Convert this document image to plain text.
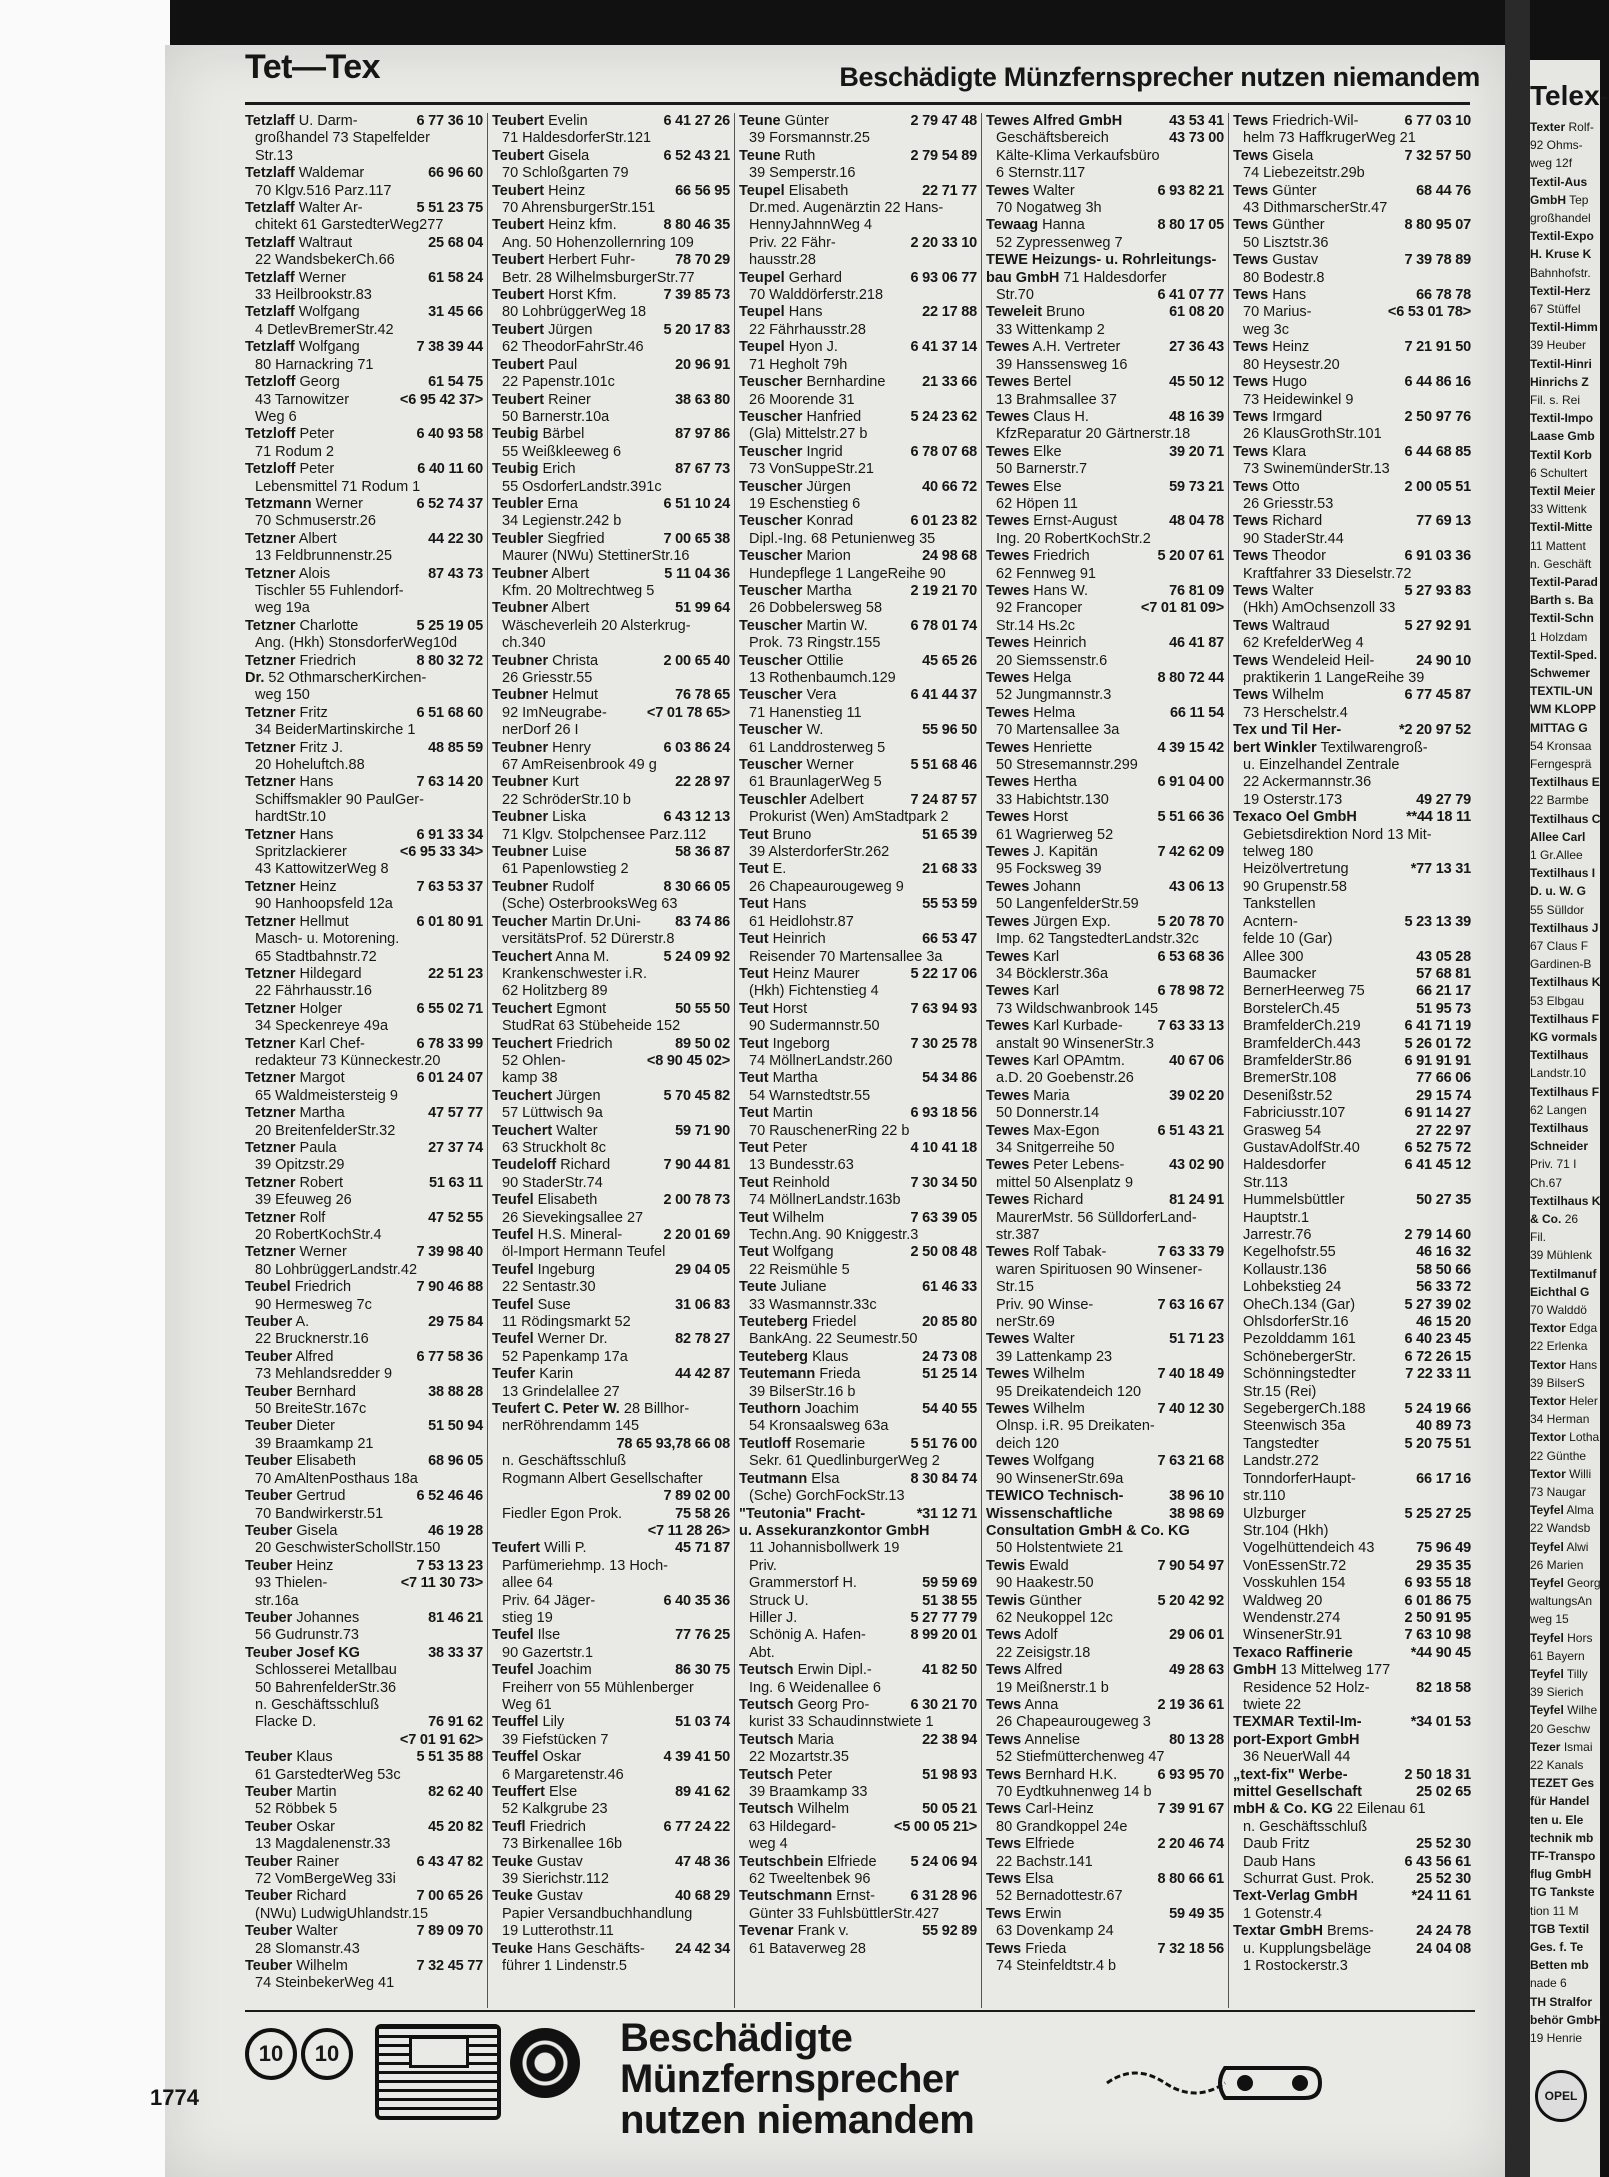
Telex-
Texter Rolf-
92 Ohms-
weg 12f
Textil-Aus
GmbH Tep
großhandel
Textil-Expo
H. Kruse K
Bahnhofstr.
Textil-Herz
67 Stüffel
Textil-Himm
39 Heuber
Textil-Hinri
Hinrichs Z
Fil. s. Rei
Textil-Impo
Laase Gmb
Textil Korb
6 Schultert
Textil Meier
33 Wittenk
Textil-Mitte
11 Mattent
n. Geschäft
Textil-Parad
Barth s. Ba
Textil-Schn
1 Holzdam
Textil-Sped.
Schwemer
TEXTIL-UN
WM KLOPP
MITTAG G
54 Kronsaa
Ferngesprä
Textilhaus E
22 Barmbe
Textilhaus C
Allee Carl
1 Gr.Allee
Textilhaus I
D. u. W. G
55 Sülldor
Textilhaus J
67 Claus F
Gardinen-B
Textilhaus K
53 Elbgau
Textilhaus F
KG vormals
Textilhaus
Landstr.10
Textilhaus F
62 Langen
Textilhaus
Schneider
Priv. 71 I
Ch.67
Textilhaus K
& Co. 26
Fil.
39 Mühlenk
Textilmanuf
Eichthal G
70 Walddö
Textor Edga
22 Erlenka
Textor Hans
39 BilserS
Textor Heler
34 Herman
Textor Lotha
22 Günthe
Textor Willi
73 Naugar
Teyfel Alma
22 Wandsb
Teyfel Alwi
26 Marien
Teyfel Georg
waltungsAn
weg 15
Teyfel Hors
61 Bayern
Teyfel Tilly
39 Sierich
Teyfel Wilhe
20 Geschw
Tezer Ismai
22 Kanals
TEZET Ges
für Handel
ten u. Ele
technik mb
TF-Transpo
flug GmbH
TG Tankste
tion 11 M
TGB Textil
Ges. f. Te
Betten mb
nade 6
TH Stralfor
behör GmbH
19 Henrie
Tet—Tex	Beschädigte Münzfernsprecher nutzen niemandem
Tetzlaff U. Darm-	6 77 36 10
großhandel 73 Stapelfelder
Str.13
Tetzlaff Waldemar	66 96 60
70 Klgv.516 Parz.117
Tetzlaff Walter Ar-	5 51 23 75
chitekt 61 GarstedterWeg277
Tetzlaff Waltraut	25 68 04
22 WandsbekerCh.66
Tetzlaff Werner	61 58 24
33 Heilbrookstr.83
Tetzlaff Wolfgang	31 45 66
4 DetlevBremerStr.42
Tetzlaff Wolfgang	7 38 39 44
80 Harnackring 71
Tetzloff Georg	61 54 75
43 Tarnowitzer	<6 95 42 37>
Weg 6
Tetzloff Peter	6 40 93 58
71 Rodum 2
Tetzloff Peter	6 40 11 60
Lebensmittel 71 Rodum 1
Tetzmann Werner	6 52 74 37
70 Schmuserstr.26
Tetzner Albert	44 22 30
13 Feldbrunnenstr.25
Tetzner Alois	87 43 73
Tischler 55 Fuhlendorf-
weg 19a
Tetzner Charlotte	5 25 19 05
Ang. (Hkh) StonsdorferWeg10d
Tetzner Friedrich	8 80 32 72
Dr. 52 OthmarscherKirchen-
weg 150
Tetzner Fritz	6 51 68 60
34 BeiderMartinskirche 1
Tetzner Fritz J.	48 85 59
20 Hoheluftch.88
Tetzner Hans	7 63 14 20
Schiffsmakler 90 PaulGer-
hardtStr.10
Tetzner Hans	6 91 33 34
Spritzlackierer	<6 95 33 34>
43 KattowitzerWeg 8
Tetzner Heinz	7 63 53 37
90 Hanhoopsfeld 12a
Tetzner Hellmut	6 01 80 91
Masch- u. Motorening.
65 Stadtbahnstr.72
Tetzner Hildegard	22 51 23
22 Fährhausstr.16
Tetzner Holger	6 55 02 71
34 Speckenreye 49a
Tetzner Karl Chef-	6 78 33 99
redakteur 73 Künneckestr.20
Tetzner Margot	6 01 24 07
65 Waldmeistersteig 9
Tetzner Martha	47 57 77
20 BreitenfelderStr.32
Tetzner Paula	27 37 74
39 Opitzstr.29
Tetzner Robert	51 63 11
39 Efeuweg 26
Tetzner Rolf	47 52 55
20 RobertKochStr.4
Tetzner Werner	7 39 98 40
80 LohbrüggerLandstr.42
Teubel Friedrich	7 90 46 88
90 Hermesweg 7c
Teuber A.	29 75 84
22 Brucknerstr.16
Teuber Alfred	6 77 58 36
73 Mehlandsredder 9
Teuber Bernhard	38 88 28
50 BreiteStr.167c
Teuber Dieter	51 50 94
39 Braamkamp 21
Teuber Elisabeth	68 96 05
70 AmAltenPosthaus 18a
Teuber Gertrud	6 52 46 46
70 Bandwirkerstr.51
Teuber Gisela	46 19 28
20 GeschwisterSchollStr.150
Teuber Heinz	7 53 13 23
93 Thielen-	<7 11 30 73>
str.16a
Teuber Johannes	81 46 21
56 Gudrunstr.73
Teuber Josef KG	38 33 37
Schlosserei Metallbau
50 BahrenfelderStr.36
n. Geschäftsschluß
Flacke D.	76 91 62
<7 01 91 62>
Teuber Klaus	5 51 35 88
61 GarstedterWeg 53c
Teuber Martin	82 62 40
52 Röbbek 5
Teuber Oskar	45 20 82
13 Magdalenenstr.33
Teuber Rainer	6 43 47 82
72 VomBergeWeg 33i
Teuber Richard	7 00 65 26
(NWu) LudwigUhlandstr.15
Teuber Walter	7 89 09 70
28 Slomanstr.43
Teuber Wilhelm	7 32 45 77
74 SteinbekerWeg 41
Teubert Evelin	6 41 27 26
71 HaldesdorferStr.121
Teubert Gisela	6 52 43 21
70 Schloßgarten 79
Teubert Heinz	66 56 95
70 AhrensburgerStr.151
Teubert Heinz kfm.	8 80 46 35
Ang. 50 Hohenzollernring 109
Teubert Herbert Fuhr-	78 70 29
Betr. 28 WilhelmsburgerStr.77
Teubert Horst Kfm.	7 39 85 73
80 LohbrüggerWeg 18
Teubert Jürgen	5 20 17 83
62 TheodorFahrStr.46
Teubert Paul	20 96 91
22 Papenstr.101c
Teubert Reiner	38 63 80
50 Barnerstr.10a
Teubig Bärbel	87 97 86
55 Weißkleeweg 6
Teubig Erich	87 67 73
55 OsdorferLandstr.391c
Teubler Erna	6 51 10 24
34 Legienstr.242 b
Teubler Siegfried	7 00 65 38
Maurer (NWu) StettinerStr.16
Teubner Albert	5 11 04 36
Kfm. 20 Moltrechtweg 5
Teubner Albert	51 99 64
Wäscheverleih 20 Alsterkrug-
ch.340
Teubner Christa	2 00 65 40
26 Griesstr.55
Teubner Helmut	76 78 65
92 ImNeugrabe-	<7 01 78 65>
nerDorf 26 I
Teubner Henry	6 03 86 24
67 AmReisenbrook 49 g
Teubner Kurt	22 28 97
22 SchröderStr.10 b
Teubner Liska	6 43 12 13
71 Klgv. Stolpchensee Parz.112
Teubner Luise	58 36 87
61 Papenlowstieg 2
Teubner Rudolf	8 30 66 05
(Sche) OsterbrooksWeg 63
Teucher Martin Dr.Uni-	83 74 86
versitätsProf. 52 Dürerstr.8
Teuchert Anna M.	5 24 09 92
Krankenschwester i.R.
62 Holitzberg 89
Teuchert Egmont	50 55 50
StudRat 63 Stübeheide 152
Teuchert Friedrich	89 50 02
52 Ohlen-	<8 90 45 02>
kamp 38
Teuchert Jürgen	5 70 45 82
57 Lüttwisch 9a
Teuchert Walter	59 71 90
63 Struckholt 8c
Teudeloff Richard	7 90 44 81
90 StaderStr.74
Teufel Elisabeth	2 00 78 73
26 Sievekingsallee 27
Teufel H.S. Mineral-	2 20 01 69
öl-Import Hermann Teufel
Teufel Ingeburg	29 04 05
22 Sentastr.30
Teufel Suse	31 06 83
11 Rödingsmarkt 52
Teufel Werner Dr.	82 78 27
52 Papenkamp 17a
Teufer Karin	44 42 87
13 Grindelallee 27
Teufert C. Peter W. 28 Billhor-
nerRöhrendamm 145
78 65 93,78 66 08
n. Geschäftsschluß
Rogmann Albert Gesellschafter
7 89 02 00
Fiedler Egon Prok.	75 58 26
<7 11 28 26>
Teufert Willi P.	45 71 87
Parfümeriehmp. 13 Hoch-
allee 64
Priv. 64 Jäger-	6 40 35 36
stieg 19
Teufel Ilse	77 76 25
90 Gazertstr.1
Teufel Joachim	86 30 75
Freiherr von 55 Mühlenberger
Weg 61
Teuffel Lily	51 03 74
39 Fiefstücken 7
Teuffel Oskar	4 39 41 50
6 Margaretenstr.46
Teuffert Else	89 41 62
52 Kalkgrube 23
Teufl Friedrich	6 77 24 22
73 Birkenallee 16b
Teuke Gustav	47 48 36
39 Sierichstr.112
Teuke Gustav	40 68 29
Papier Versandbuchhandlung
19 Lutterothstr.11
Teuke Hans Geschäfts-	24 42 34
führer 1 Lindenstr.5
Teune Günter	2 79 47 48
39 Forsmannstr.25
Teune Ruth	2 79 54 89
39 Semperstr.16
Teupel Elisabeth	22 71 77
Dr.med. Augenärztin 22 Hans-
HennyJahnnWeg 4
Priv. 22 Fähr-	2 20 33 10
hausstr.28
Teupel Gerhard	6 93 06 77
70 Walddörferstr.218
Teupel Hans	22 17 88
22 Fährhausstr.28
Teupel Hyon J.	6 41 37 14
71 Hegholt 79h
Teuscher Bernhardine	21 33 66
26 Moorende 31
Teuscher Hanfried	5 24 23 62
(Gla) Mittelstr.27 b
Teuscher Ingrid	6 78 07 68
73 VonSuppeStr.21
Teuscher Jürgen	40 66 72
19 Eschenstieg 6
Teuscher Konrad	6 01 23 82
Dipl.-Ing. 68 Petunienweg 35
Teuscher Marion	24 98 68
Hundepflege 1 LangeReihe 90
Teuscher Martha	2 19 21 70
26 Dobbelersweg 58
Teuscher Martin W.	6 78 01 74
Prok. 73 Ringstr.155
Teuscher Ottilie	45 65 26
13 Rothenbaumch.129
Teuscher Vera	6 41 44 37
71 Hanenstieg 11
Teuscher W.	55 96 50
61 Landdrosterweg 5
Teuscher Werner	5 51 68 46
61 BraunlagerWeg 5
Teuschler Adelbert	7 24 87 57
Prokurist (Wen) AmStadtpark 2
Teut Bruno	51 65 39
39 AlsterdorferStr.262
Teut E.	21 68 33
26 Chapeaurougeweg 9
Teut Hans	55 53 59
61 Heidlohstr.87
Teut Heinrich	66 53 47
Reisender 70 Martensallee 3a
Teut Heinz Maurer	5 22 17 06
(Hkh) Fichtenstieg 4
Teut Horst	7 63 94 93
90 Sudermannstr.50
Teut Ingeborg	7 30 25 78
74 MöllnerLandstr.260
Teut Martha	54 34 86
54 Warnstedtstr.55
Teut Martin	6 93 18 56
70 RauschenerRing 22 b
Teut Peter	4 10 41 18
13 Bundesstr.63
Teut Reinhold	7 30 34 50
74 MöllnerLandstr.163b
Teut Wilhelm	7 63 39 05
Techn.Ang. 90 Kniggestr.3
Teut Wolfgang	2 50 08 48
22 Reismühle 5
Teute Juliane	61 46 33
33 Wasmannstr.33c
Teuteberg Friedel	20 85 80
BankAng. 22 Seumestr.50
Teuteberg Klaus	24 73 08
Teutemann Frieda	51 25 14
39 BilserStr.16 b
Teuthorn Joachim	54 40 55
54 Kronsaalsweg 63a
Teutloff Rosemarie	5 51 76 00
Sekr. 61 QuedlinburgerWeg 2
Teutmann Elsa	8 30 84 74
(Sche) GorchFockStr.13
"Teutonia" Fracht-	*31 12 71
u. Assekuranzkontor GmbH
11 Johannisbollwerk 19
Priv.
Grammerstorf H.	59 59 69
Struck U.	51 38 55
Hiller J.	5 27 77 79
Schönig A. Hafen-	8 99 20 01
Abt.
Teutsch Erwin Dipl.-	41 82 50
Ing. 6 Weidenallee 6
Teutsch Georg Pro-	6 30 21 70
kurist 33 Schaudinnstwiete 1
Teutsch Maria	22 38 94
22 Mozartstr.35
Teutsch Peter	51 98 93
39 Braamkamp 33
Teutsch Wilhelm	50 05 21
63 Hildegard-	<5 00 05 21>
weg 4
Teutschbein Elfriede	5 24 06 94
62 Tweeltenbek 96
Teutschmann Ernst-	6 31 28 96
Günter 33 FuhlsbüttlerStr.427
Tevenar Frank v.	55 92 89
61 Bataverweg 28
Tewes Alfred GmbH	43 53 41
Geschäftsbereich	43 73 00
Kälte-Klima Verkaufsbüro
6 Sternstr.117
Tewes Walter	6 93 82 21
70 Nogatweg 3h
Tewaag Hanna	8 80 17 05
52 Zypressenweg 7
TEWE Heizungs- u. Rohrleitungs-
bau GmbH 71 Haldesdorfer
Str.70	6 41 07 77
Teweleit Bruno	61 08 20
33 Wittenkamp 2
Tewes A.H. Vertreter	27 36 43
39 Hanssensweg 16
Tewes Bertel	45 50 12
13 Brahmsallee 37
Tewes Claus H.	48 16 39
KfzReparatur 20 Gärtnerstr.18
Tewes Elke	39 20 71
50 Barnerstr.7
Tewes Else	59 73 21
62 Höpen 11
Tewes Ernst-August	48 04 78
Ing. 20 RobertKochStr.2
Tewes Friedrich	5 20 07 61
62 Fennweg 91
Tewes Hans W.	76 81 09
92 Francoper	<7 01 81 09>
Str.14 Hs.2c
Tewes Heinrich	46 41 87
20 Siemssenstr.6
Tewes Helga	8 80 72 44
52 Jungmannstr.3
Tewes Helma	66 11 54
70 Martensallee 3a
Tewes Henriette	4 39 15 42
50 Stresemannstr.299
Tewes Hertha	6 91 04 00
33 Habichtstr.130
Tewes Horst	5 51 66 36
61 Wagrierweg 52
Tewes J. Kapitän	7 42 62 09
95 Focksweg 39
Tewes Johann	43 06 13
50 LangenfelderStr.59
Tewes Jürgen Exp.	5 20 78 70
Imp. 62 TangstedterLandstr.32c
Tewes Karl	6 53 68 36
34 Böcklerstr.36a
Tewes Karl	6 78 98 72
73 Wildschwanbrook 145
Tewes Karl Kurbade-	7 63 33 13
anstalt 90 WinsenerStr.3
Tewes Karl OPAmtm.	40 67 06
a.D. 20 Goebenstr.26
Tewes Maria	39 02 20
50 Donnerstr.14
Tewes Max-Egon	6 51 43 21
34 Snitgerreihe 50
Tewes Peter Lebens-	43 02 90
mittel 50 Alsenplatz 9
Tewes Richard	81 24 91
MaurerMstr. 56 SülldorferLand-
str.387
Tewes Rolf Tabak-	7 63 33 79
waren Spirituosen 90 Winsener-
Str.15
Priv. 90 Winse-	7 63 16 67
nerStr.69
Tewes Walter	51 71 23
39 Lattenkamp 23
Tewes Wilhelm	7 40 18 49
95 Dreikatendeich 120
Tewes Wilhelm	7 40 12 30
Olnsp. i.R. 95 Dreikaten-
deich 120
Tewes Wolfgang	7 63 21 68
90 WinsenerStr.69a
TEWICO Technisch-	38 96 10
Wissenschaftliche	38 98 69
Consultation GmbH & Co. KG
50 Holstentwiete 21
Tewis Ewald	7 90 54 97
90 Haakestr.50
Tewis Günther	5 20 42 92
62 Neukoppel 12c
Tews Adolf	29 06 01
22 Zeisigstr.18
Tews Alfred	49 28 63
19 Meißnerstr.1 b
Tews Anna	2 19 36 61
26 Chapeaurougeweg 3
Tews Annelise	80 13 28
52 Stiefmütterchenweg 47
Tews Bernhard H.K.	6 93 95 70
70 Eydtkuhnenweg 14 b
Tews Carl-Heinz	7 39 91 67
80 Grandkoppel 24e
Tews Elfriede	2 20 46 74
22 Bachstr.141
Tews Elsa	8 80 66 61
52 Bernadottestr.67
Tews Erwin	59 49 35
63 Dovenkamp 24
Tews Frieda	7 32 18 56
74 Steinfeldtstr.4 b
Tews Friedrich-Wil-	6 77 03 10
helm 73 HaffkrugerWeg 21
Tews Gisela	7 32 57 50
74 Liebezeitstr.29b
Tews Günter	68 44 76
43 DithmarscherStr.47
Tews Günther	8 80 95 07
50 Lisztstr.36
Tews Gustav	7 39 78 89
80 Bodestr.8
Tews Hans	66 78 78
70 Marius-	<6 53 01 78>
weg 3c
Tews Heinz	7 21 91 50
80 Heysestr.20
Tews Hugo	6 44 86 16
73 Heidewinkel 9
Tews Irmgard	2 50 97 76
26 KlausGrothStr.101
Tews Klara	6 44 68 85
73 SwinemünderStr.13
Tews Otto	2 00 05 51
26 Griesstr.53
Tews Richard	77 69 13
90 StaderStr.44
Tews Theodor	6 91 03 36
Kraftfahrer 33 Dieselstr.72
Tews Walter	5 27 93 83
(Hkh) AmOchsenzoll 33
Tews Waltraud	5 27 92 91
62 KrefelderWeg 4
Tews Wendeleid Heil-	24 90 10
praktikerin 1 LangeReihe 39
Tews Wilhelm	6 77 45 87
73 Herschelstr.4
Tex und Til Her-	*2 20 97 52
bert Winkler Textilwarengroß-
u. Einzelhandel Zentrale
22 Ackermannstr.36
19 Osterstr.173	49 27 79
Texaco Oel GmbH	**44 18 11
Gebietsdirektion Nord 13 Mit-
telweg 180
Heizölvertretung	*77 13 31
90 Grupenstr.58
Tankstellen
Acntern-	5 23 13 39
felde 10 (Gar)
Allee 300	43 05 28
Baumacker	57 68 81
BernerHeerweg 75	66 21 17
BorstelerCh.45	51 95 73
BramfelderCh.219	6 41 71 19
BramfelderCh.443	5 26 01 72
BramfelderStr.86	6 91 91 91
BremerStr.108	77 66 06
Desenißstr.52	29 15 74
Fabriciusstr.107	6 91 14 27
Grasweg 54	27 22 97
GustavAdolfStr.40	6 52 75 72
Haldesdorfer	6 41 45 12
Str.113
Hummelsbüttler	50 27 35
Hauptstr.1
Jarrestr.76	2 79 14 60
Kegelhofstr.55	46 16 32
Kollaustr.136	58 50 66
Lohbekstieg 24	56 33 72
OheCh.134 (Gar)	5 27 39 02
OhlsdorferStr.16	46 15 20
Pezolddamm 161	6 40 23 45
SchönebergerStr.	6 72 26 15
Schönningstedter	7 22 33 11
Str.15 (Rei)
SegebergerCh.188	5 24 19 66
Steenwisch 35a	40 89 73
Tangstedter	5 20 75 51
Landstr.272
TonndorferHaupt-	66 17 16
str.110
Ulzburger	5 25 27 25
Str.104 (Hkh)
Vogelhüttendeich 43	75 96 49
VonEssenStr.72	29 35 35
Vosskuhlen 154	6 93 55 18
Waldweg 20	6 01 86 75
Wendenstr.274	2 50 91 95
WinsenerStr.91	7 63 10 98
Texaco Raffinerie	*44 90 45
GmbH 13 Mittelweg 177
Residence 52 Holz-	82 18 58
twiete 22
TEXMAR Textil-Im-	*34 01 53
port-Export GmbH
36 NeuerWall 44
„text-fix" Werbe-	2 50 18 31
mittel Gesellschaft	25 02 65
mbH & Co. KG 22 Eilenau 61
n. Geschäftsschluß
Daub Fritz	25 52 30
Daub Hans	6 43 56 61
Schurrat Gust. Prok.	25 52 30
Text-Verlag GmbH	*24 11 61
1 Gotenstr.4
Textar GmbH Brems-	24 24 78
u. Kupplungsbeläge	24 04 08
1 Rostockerstr.3
10	10	Beschädigte
Münzfernsprecher
nutzen niemandem
1774	OPEL
